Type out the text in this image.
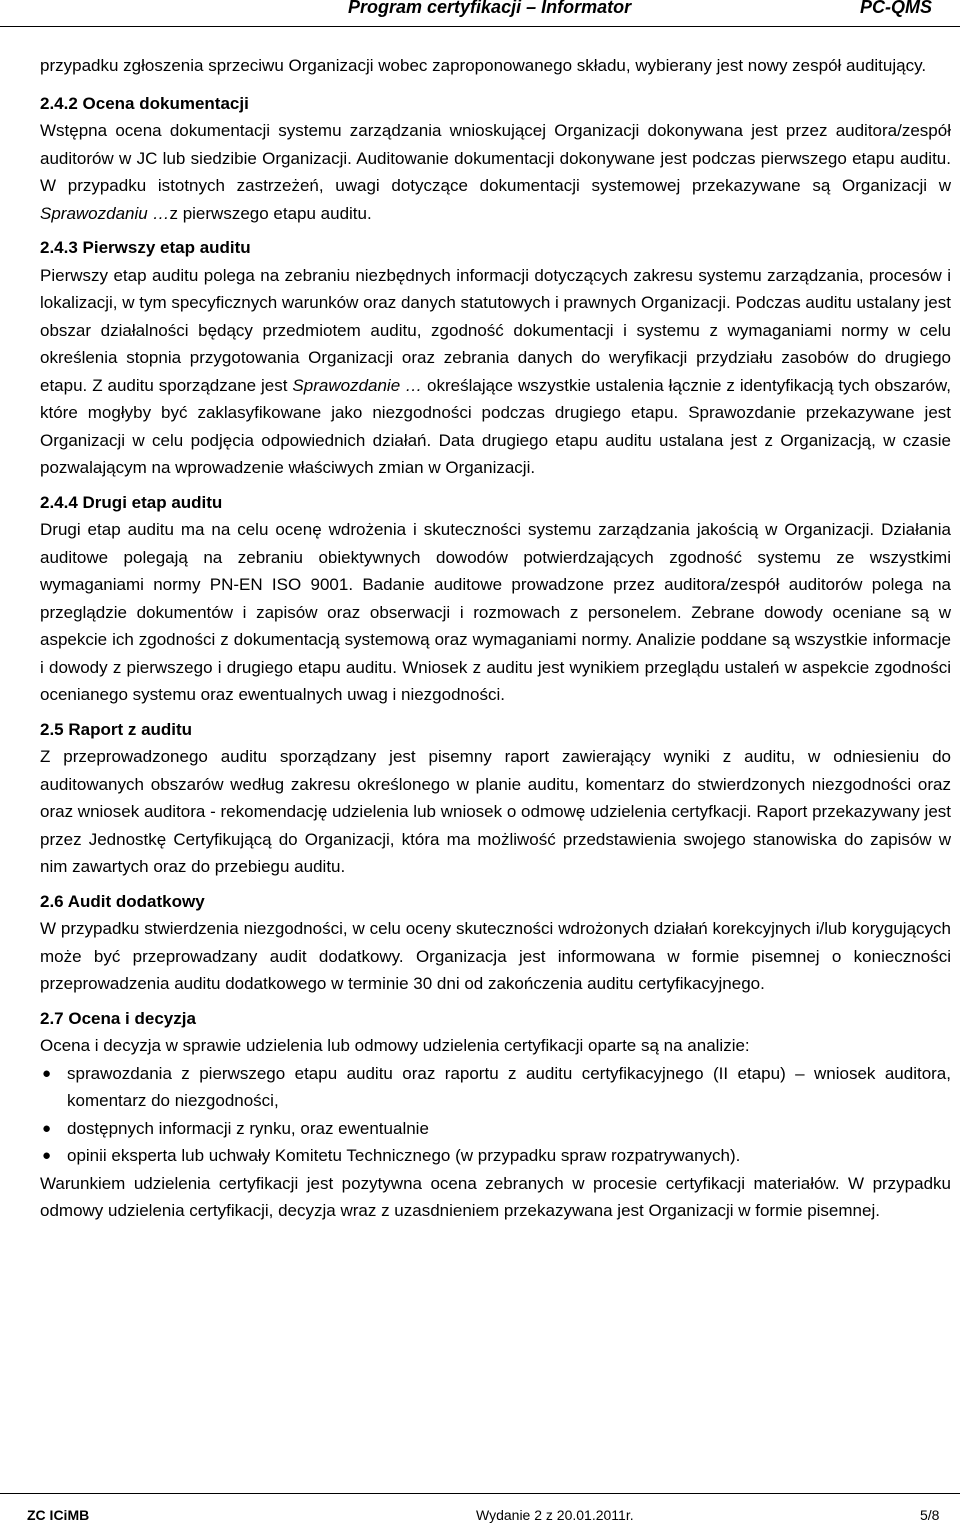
Program certyfikacji – Informator	PC-QMS

przypadku zgłoszenia sprzeciwu Organizacji wobec zaproponowanego składu, wybierany jest nowy zespół auditujący.

2.4.2 Ocena dokumentacji

Wstępna ocena dokumentacji systemu zarządzania wnioskującej Organizacji dokonywana jest przez auditora/zespół auditorów w JC lub siedzibie Organizacji. Auditowanie dokumentacji dokonywane jest podczas pierwszego etapu auditu. W przypadku istotnych zastrzeżeń, uwagi dotyczące dokumentacji systemowej przekazywane są Organizacji w Sprawozdaniu …z pierwszego etapu auditu.

2.4.3 Pierwszy etap auditu

Pierwszy etap auditu polega na zebraniu niezbędnych informacji dotyczących zakresu systemu zarządzania, procesów i lokalizacji, w tym specyficznych warunków oraz danych statutowych i prawnych Organizacji. Podczas auditu ustalany jest obszar działalności będący przedmiotem auditu, zgodność dokumentacji i systemu z wymaganiami normy w celu określenia stopnia przygotowania Organizacji oraz zebrania danych do weryfikacji przydziału zasobów do drugiego etapu. Z auditu sporządzane jest Sprawozdanie … określające wszystkie ustalenia łącznie z identyfikacją tych obszarów, które mogłyby być zaklasyfikowane jako niezgodności podczas drugiego etapu. Sprawozdanie przekazywane jest Organizacji w celu podjęcia odpowiednich działań. Data drugiego etapu auditu ustalana jest z Organizacją, w czasie pozwalającym na wprowadzenie właściwych zmian w Organizacji.

2.4.4 Drugi etap auditu

Drugi etap auditu ma na celu ocenę wdrożenia i skuteczności systemu zarządzania jakością w Organizacji. Działania auditowe polegają na zebraniu obiektywnych dowodów potwierdzających zgodność systemu ze wszystkimi wymaganiami normy PN-EN ISO 9001. Badanie auditowe prowadzone przez auditora/zespół auditorów polega na przeglądzie dokumentów i zapisów oraz obserwacji i rozmowach z personelem. Zebrane dowody oceniane są w aspekcie ich zgodności z dokumentacją systemową oraz wymaganiami normy. Analizie poddane są wszystkie informacje i dowody z pierwszego i drugiego etapu auditu. Wniosek z auditu jest wynikiem przeglądu ustaleń w aspekcie zgodności ocenianego systemu oraz ewentualnych uwag i niezgodności.

2.5 Raport z auditu

Z przeprowadzonego auditu sporządzany jest pisemny raport zawierający wyniki z auditu, w odniesieniu do auditowanych obszarów według zakresu określonego w planie auditu, komentarz do stwierdzonych niezgodności oraz oraz wniosek auditora - rekomendację udzielenia lub wniosek o odmowę udzielenia certyfkacji. Raport przekazywany jest przez Jednostkę Certyfikującą do Organizacji, która ma możliwość przedstawienia swojego stanowiska do zapisów w nim zawartych oraz do przebiegu auditu.

2.6 Audit dodatkowy

W przypadku stwierdzenia niezgodności, w celu oceny skuteczności wdrożonych działań korekcyjnych i/lub korygujących może być przeprowadzany audit dodatkowy. Organizacja jest informowana w formie pisemnej o konieczności przeprowadzenia auditu dodatkowego w terminie 30 dni od zakończenia auditu certyfikacyjnego.

2.7 Ocena i decyzja

Ocena i decyzja w sprawie udzielenia lub odmowy udzielenia certyfikacji oparte są na analizie:

● sprawozdania z pierwszego etapu auditu oraz raportu z auditu certyfikacyjnego (II etapu) – wniosek auditora, komentarz do niezgodności,
● dostępnych informacji z rynku, oraz ewentualnie
● opinii eksperta lub uchwały Komitetu Technicznego (w przypadku spraw rozpatrywanych).

Warunkiem udzielenia certyfikacji jest pozytywna ocena zebranych w procesie certyfikacji materiałów. W przypadku odmowy udzielenia certyfikacji, decyzja wraz z uzasdnieniem przekazywana jest Organizacji w formie pisemnej.

ZC ICiMB	Wydanie 2 z 20.01.2011r.	5/8
